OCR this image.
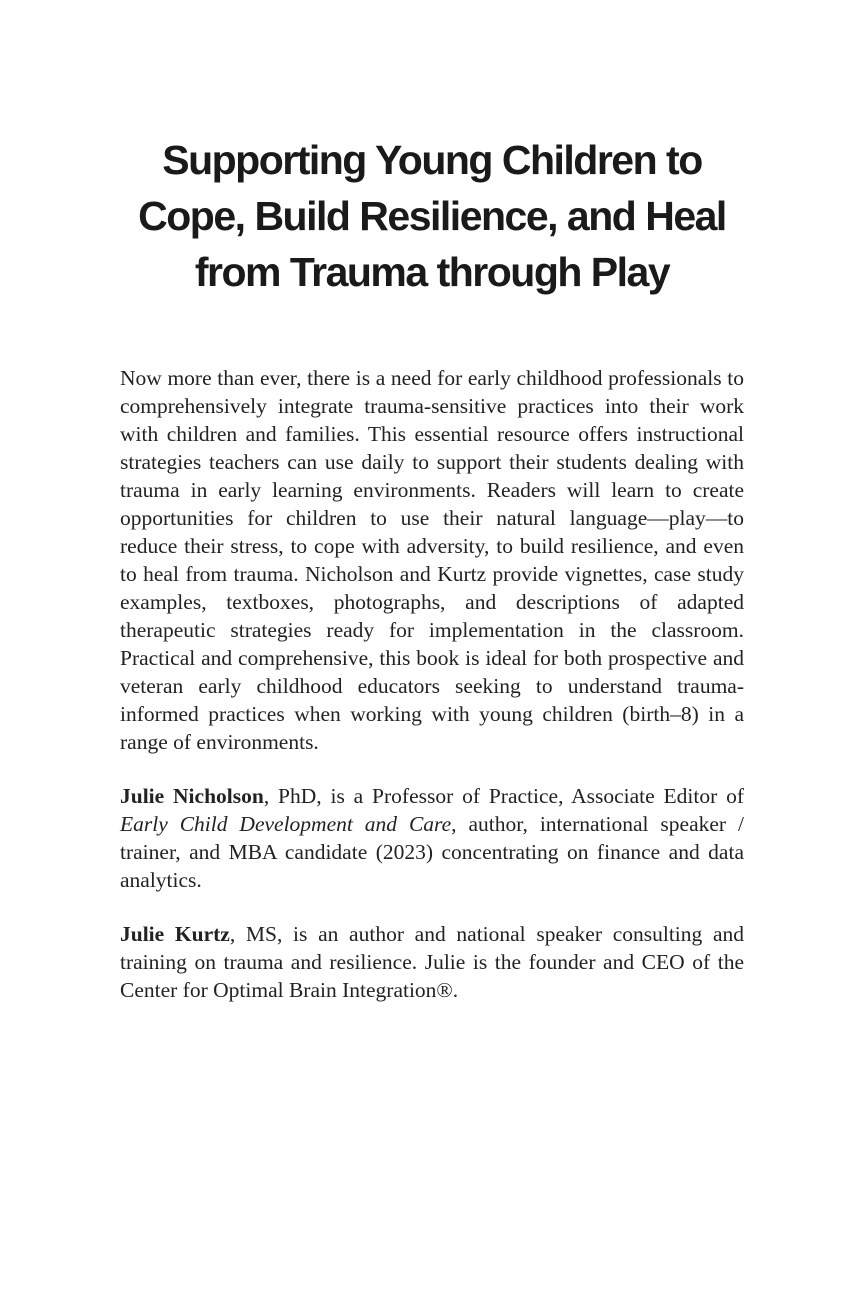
Supporting Young Children to
Cope, Build Resilience, and Heal
from Trauma through Play

Now more than ever, there is a need for early childhood professionals to comprehensively integrate trauma-sensitive practices into their work with children and families. This essential resource offers instructional strategies teachers can use daily to support their students dealing with trauma in early learning environments. Readers will learn to create opportunities for children to use their natural language—play—to reduce their stress, to cope with adversity, to build resilience, and even to heal from trauma. Nicholson and Kurtz provide vignettes, case study examples, textboxes, photographs, and descriptions of adapted therapeutic strategies ready for implementation in the classroom. Practical and comprehensive, this book is ideal for both prospective and veteran early childhood educators seeking to understand trauma-informed practices when working with young children (birth–8) in a range of environments.

Julie Nicholson, PhD, is a Professor of Practice, Associate Editor of Early Child Development and Care, author, international speaker / trainer, and MBA candidate (2023) concentrating on finance and data analytics.

Julie Kurtz, MS, is an author and national speaker consulting and training on trauma and resilience. Julie is the founder and CEO of the Center for Optimal Brain Integration®.
